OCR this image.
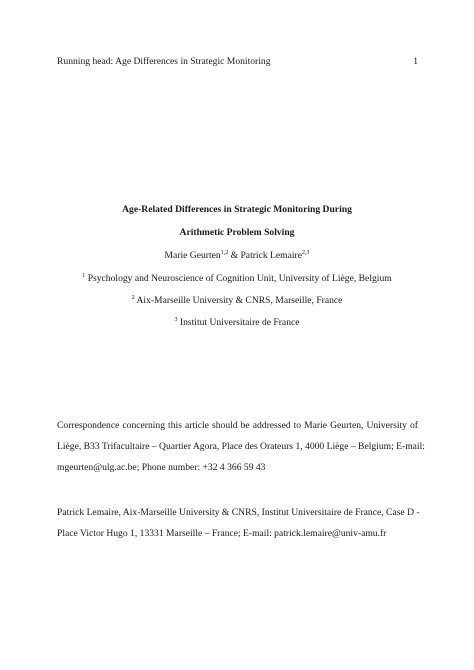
Running head: Age Differences in Strategic Monitoring	1
Age-Related Differences in Strategic Monitoring During
Arithmetic Problem Solving
Marie Geurten$^{1,2}$ & Patrick Lemaire$^{2,3}$
$^1$ Psychology and Neuroscience of Cognition Unit, University of Liège, Belgium
$^2$ Aix-Marseille University & CNRS, Marseille, France
$^3$ Institut Universitaire de France
Correspondence concerning this article should be addressed to Marie Geurten, University of
Liège, B33 Trifacultaire – Quartier Agora, Place des Orateurs 1, 4000 Liège – Belgium; E-mail:
mgeurten@ulg.ac.be; Phone number: +32 4 366 59 43
Patrick Lemaire, Aix-Marseille University & CNRS, Institut Universitaire de France, Case D -
Place Victor Hugo 1, 13331 Marseille – France; E-mail: patrick.lemaire@univ-amu.fr
